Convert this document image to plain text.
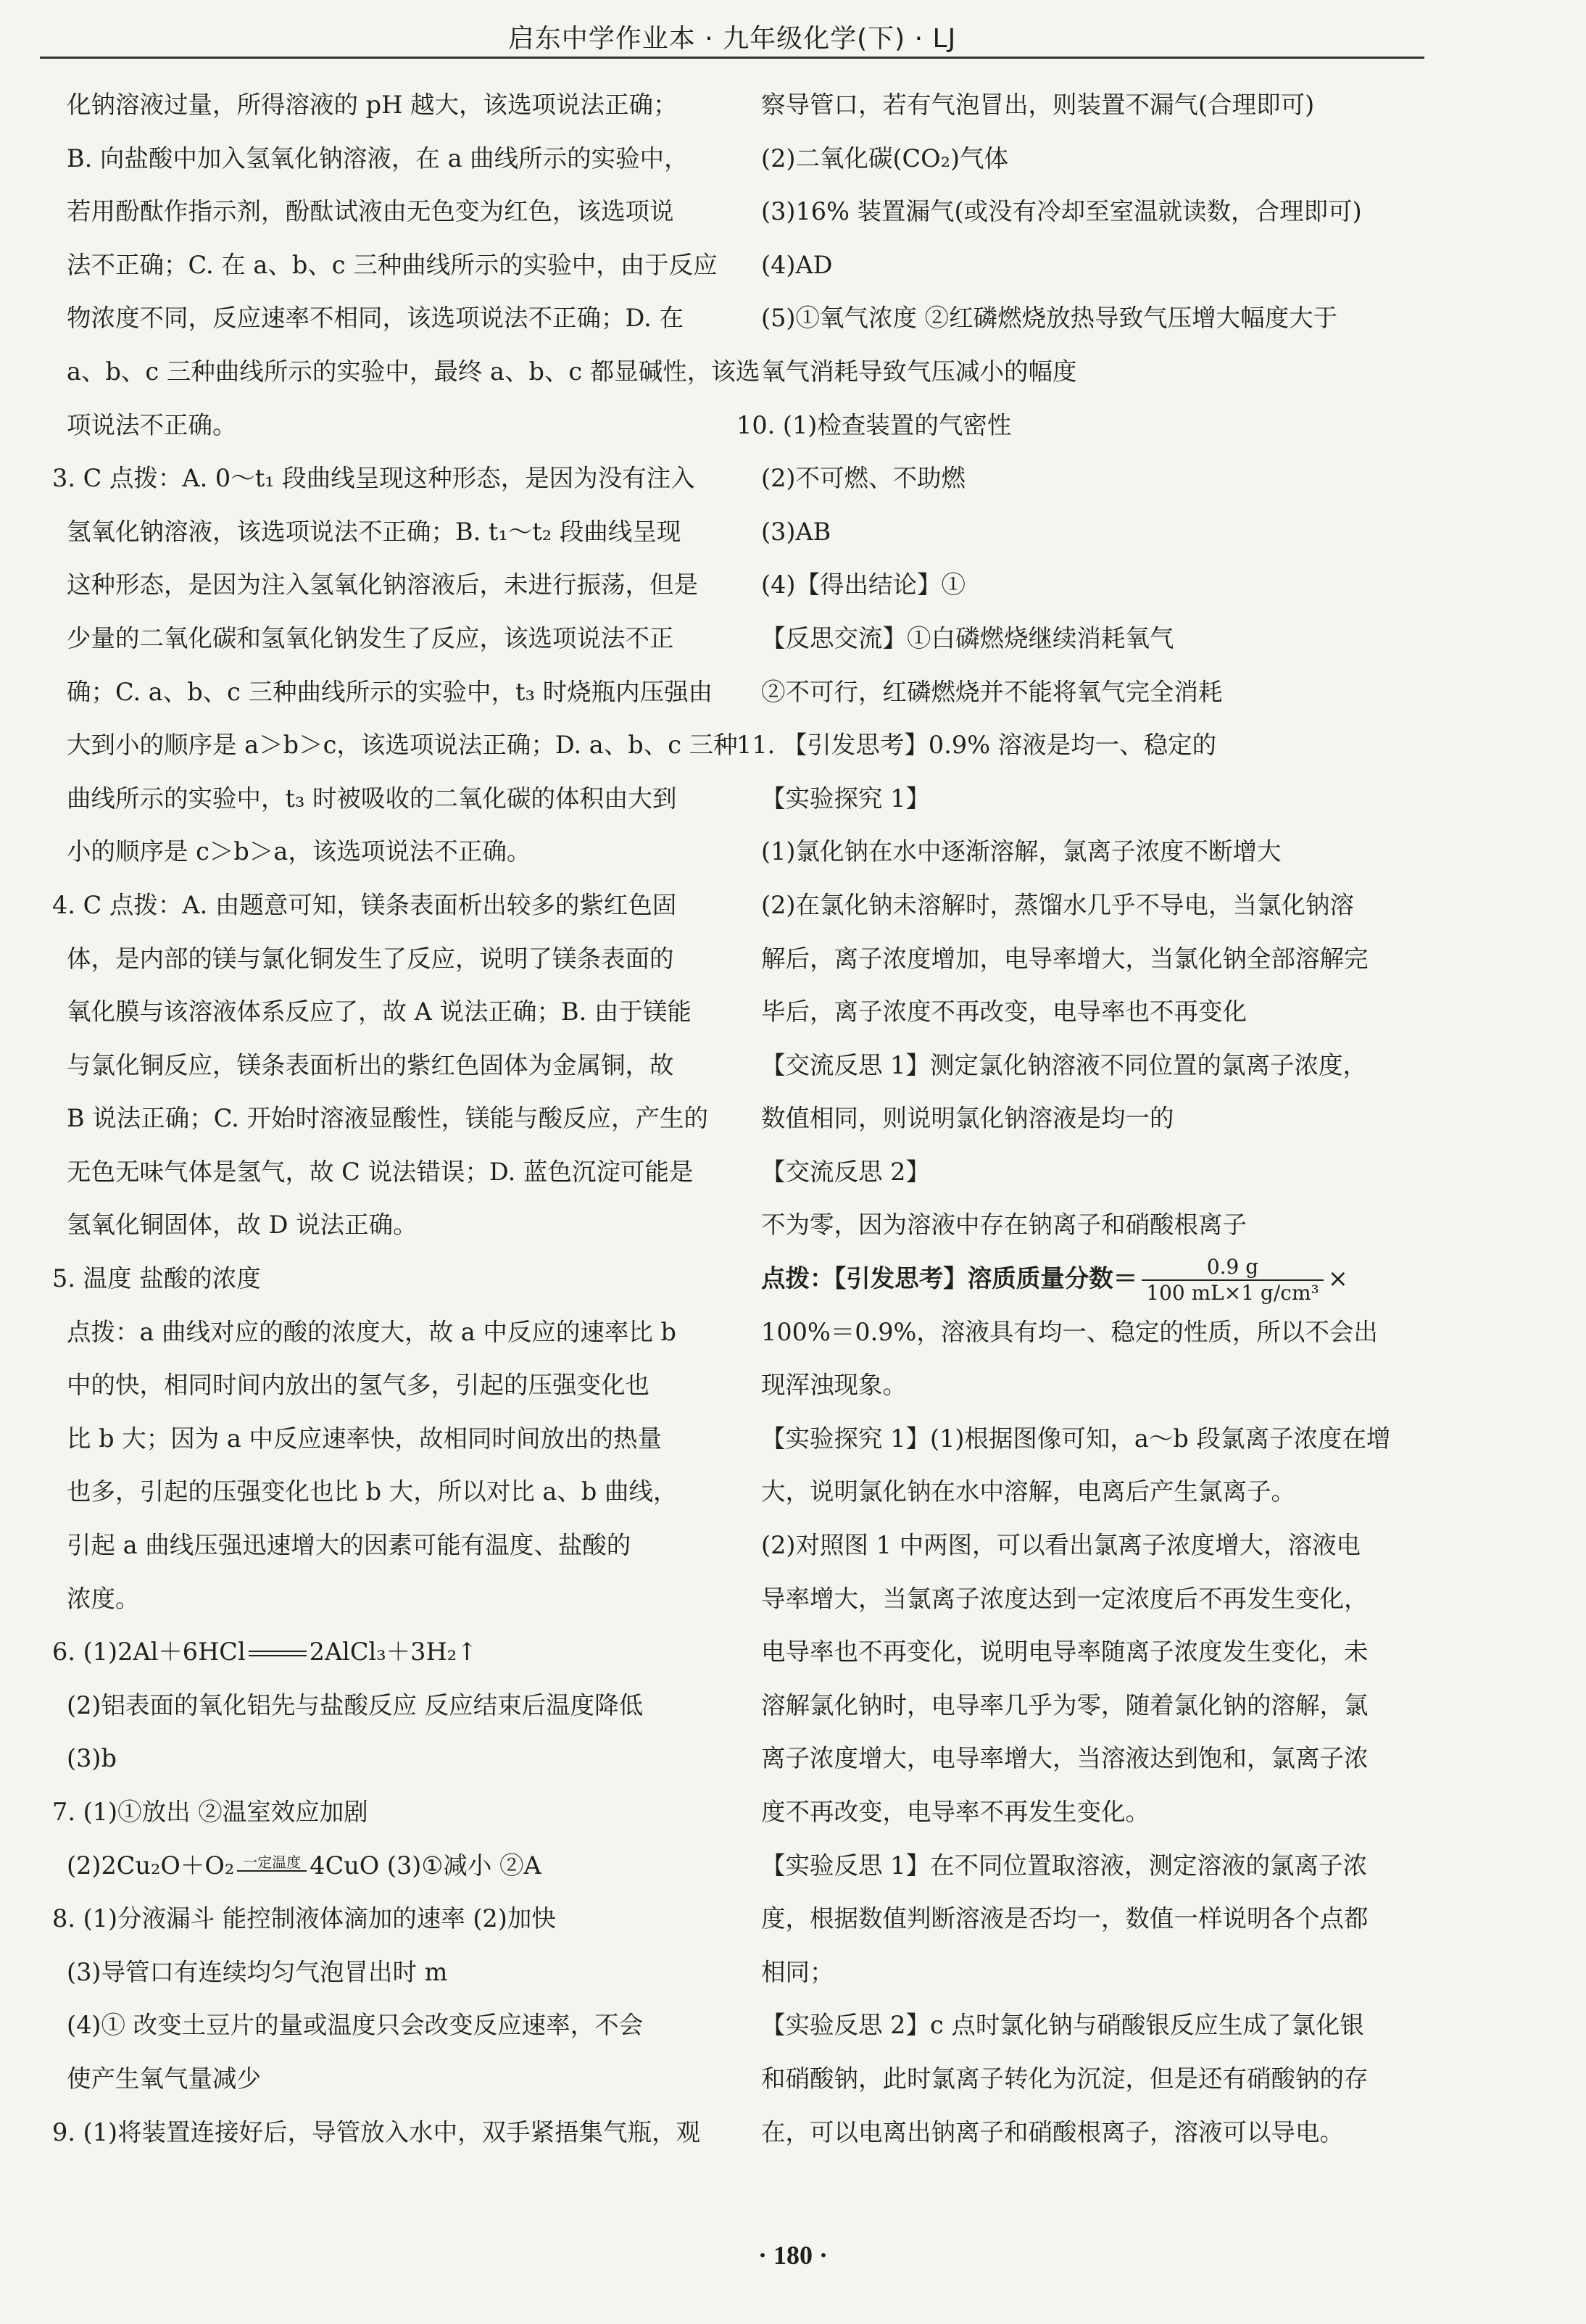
启东中学作业本 · 九年级化学(下) · LJ
化钠溶液过量，所得溶液的 pH 越大，该选项说法正确；
B. 向盐酸中加入氢氧化钠溶液，在 a 曲线所示的实验中，
若用酚酞作指示剂，酚酞试液由无色变为红色，该选项说
法不正确；C. 在 a、b、c 三种曲线所示的实验中，由于反应
物浓度不同，反应速率不相同，该选项说法不正确；D. 在
a、b、c 三种曲线所示的实验中，最终 a、b、c 都显碱性，该选
项说法不正确。
3. C 点拨：A. 0～t₁ 段曲线呈现这种形态，是因为没有注入
氢氧化钠溶液，该选项说法不正确；B. t₁～t₂ 段曲线呈现
这种形态，是因为注入氢氧化钠溶液后，未进行振荡，但是
少量的二氧化碳和氢氧化钠发生了反应，该选项说法不正
确；C. a、b、c 三种曲线所示的实验中，t₃ 时烧瓶内压强由
大到小的顺序是 a＞b＞c，该选项说法正确；D. a、b、c 三种
曲线所示的实验中，t₃ 时被吸收的二氧化碳的体积由大到
小的顺序是 c＞b＞a，该选项说法不正确。
4. C 点拨：A. 由题意可知，镁条表面析出较多的紫红色固
体，是内部的镁与氯化铜发生了反应，说明了镁条表面的
氧化膜与该溶液体系反应了，故 A 说法正确；B. 由于镁能
与氯化铜反应，镁条表面析出的紫红色固体为金属铜，故
B 说法正确；C. 开始时溶液显酸性，镁能与酸反应，产生的
无色无味气体是氢气，故 C 说法错误；D. 蓝色沉淀可能是
氢氧化铜固体，故 D 说法正确。
5. 温度 盐酸的浓度
点拨：a 曲线对应的酸的浓度大，故 a 中反应的速率比 b
中的快，相同时间内放出的氢气多，引起的压强变化也
比 b 大；因为 a 中反应速率快，故相同时间放出的热量
也多，引起的压强变化也比 b 大，所以对比 a、b 曲线，
引起 a 曲线压强迅速增大的因素可能有温度、盐酸的
浓度。
6. (1)2Al＋6HCl	2AlCl₃＋3H₂↑
(2)铝表面的氧化铝先与盐酸反应 反应结束后温度降低
(3)b
7. (1)①放出 ②温室效应加剧
(2)2Cu₂O＋O₂ 一定温度 4CuO (3)①减小 ②A
8. (1)分液漏斗 能控制液体滴加的速率 (2)加快
(3)导管口有连续均匀气泡冒出时 m
(4)① 改变土豆片的量或温度只会改变反应速率，不会
使产生氧气量减少
9. (1)将装置连接好后，导管放入水中，双手紧捂集气瓶，观
察导管口，若有气泡冒出，则装置不漏气(合理即可)
(2)二氧化碳(CO₂)气体
(3)16% 装置漏气(或没有冷却至室温就读数，合理即可)
(4)AD
(5)①氧气浓度 ②红磷燃烧放热导致气压增大幅度大于
氧气消耗导致气压减小的幅度
10. (1)检查装置的气密性
(2)不可燃、不助燃
(3)AB
(4)【得出结论】①
【反思交流】①白磷燃烧继续消耗氧气
②不可行，红磷燃烧并不能将氧气完全消耗
11. 【引发思考】0.9% 溶液是均一、稳定的
【实验探究 1】
(1)氯化钠在水中逐渐溶解，氯离子浓度不断增大
(2)在氯化钠未溶解时，蒸馏水几乎不导电，当氯化钠溶
解后，离子浓度增加，电导率增大，当氯化钠全部溶解完
毕后，离子浓度不再改变，电导率也不再变化
【交流反思 1】测定氯化钠溶液不同位置的氯离子浓度，
数值相同，则说明氯化钠溶液是均一的
【交流反思 2】
不为零，因为溶液中存在钠离子和硝酸根离子
点拨：【引发思考】溶质质量分数＝ $\frac{0.9 g}{\text{100 mL×1 g/cm³}}$ ×
100%＝0.9%，溶液具有均一、稳定的性质，所以不会出
现浑浊现象。
【实验探究 1】(1)根据图像可知，a～b 段氯离子浓度在增
大，说明氯化钠在水中溶解，电离后产生氯离子。
(2)对照图 1 中两图，可以看出氯离子浓度增大，溶液电
导率增大，当氯离子浓度达到一定浓度后不再发生变化，
电导率也不再变化，说明电导率随离子浓度发生变化，未
溶解氯化钠时，电导率几乎为零，随着氯化钠的溶解，氯
离子浓度增大，电导率增大，当溶液达到饱和，氯离子浓
度不再改变，电导率不再发生变化。
【实验反思 1】在不同位置取溶液，测定溶液的氯离子浓
度，根据数值判断溶液是否均一，数值一样说明各个点都
相同；
【实验反思 2】c 点时氯化钠与硝酸银反应生成了氯化银
和硝酸钠，此时氯离子转化为沉淀，但是还有硝酸钠的存
在，可以电离出钠离子和硝酸根离子，溶液可以导电。
· 180 ·
